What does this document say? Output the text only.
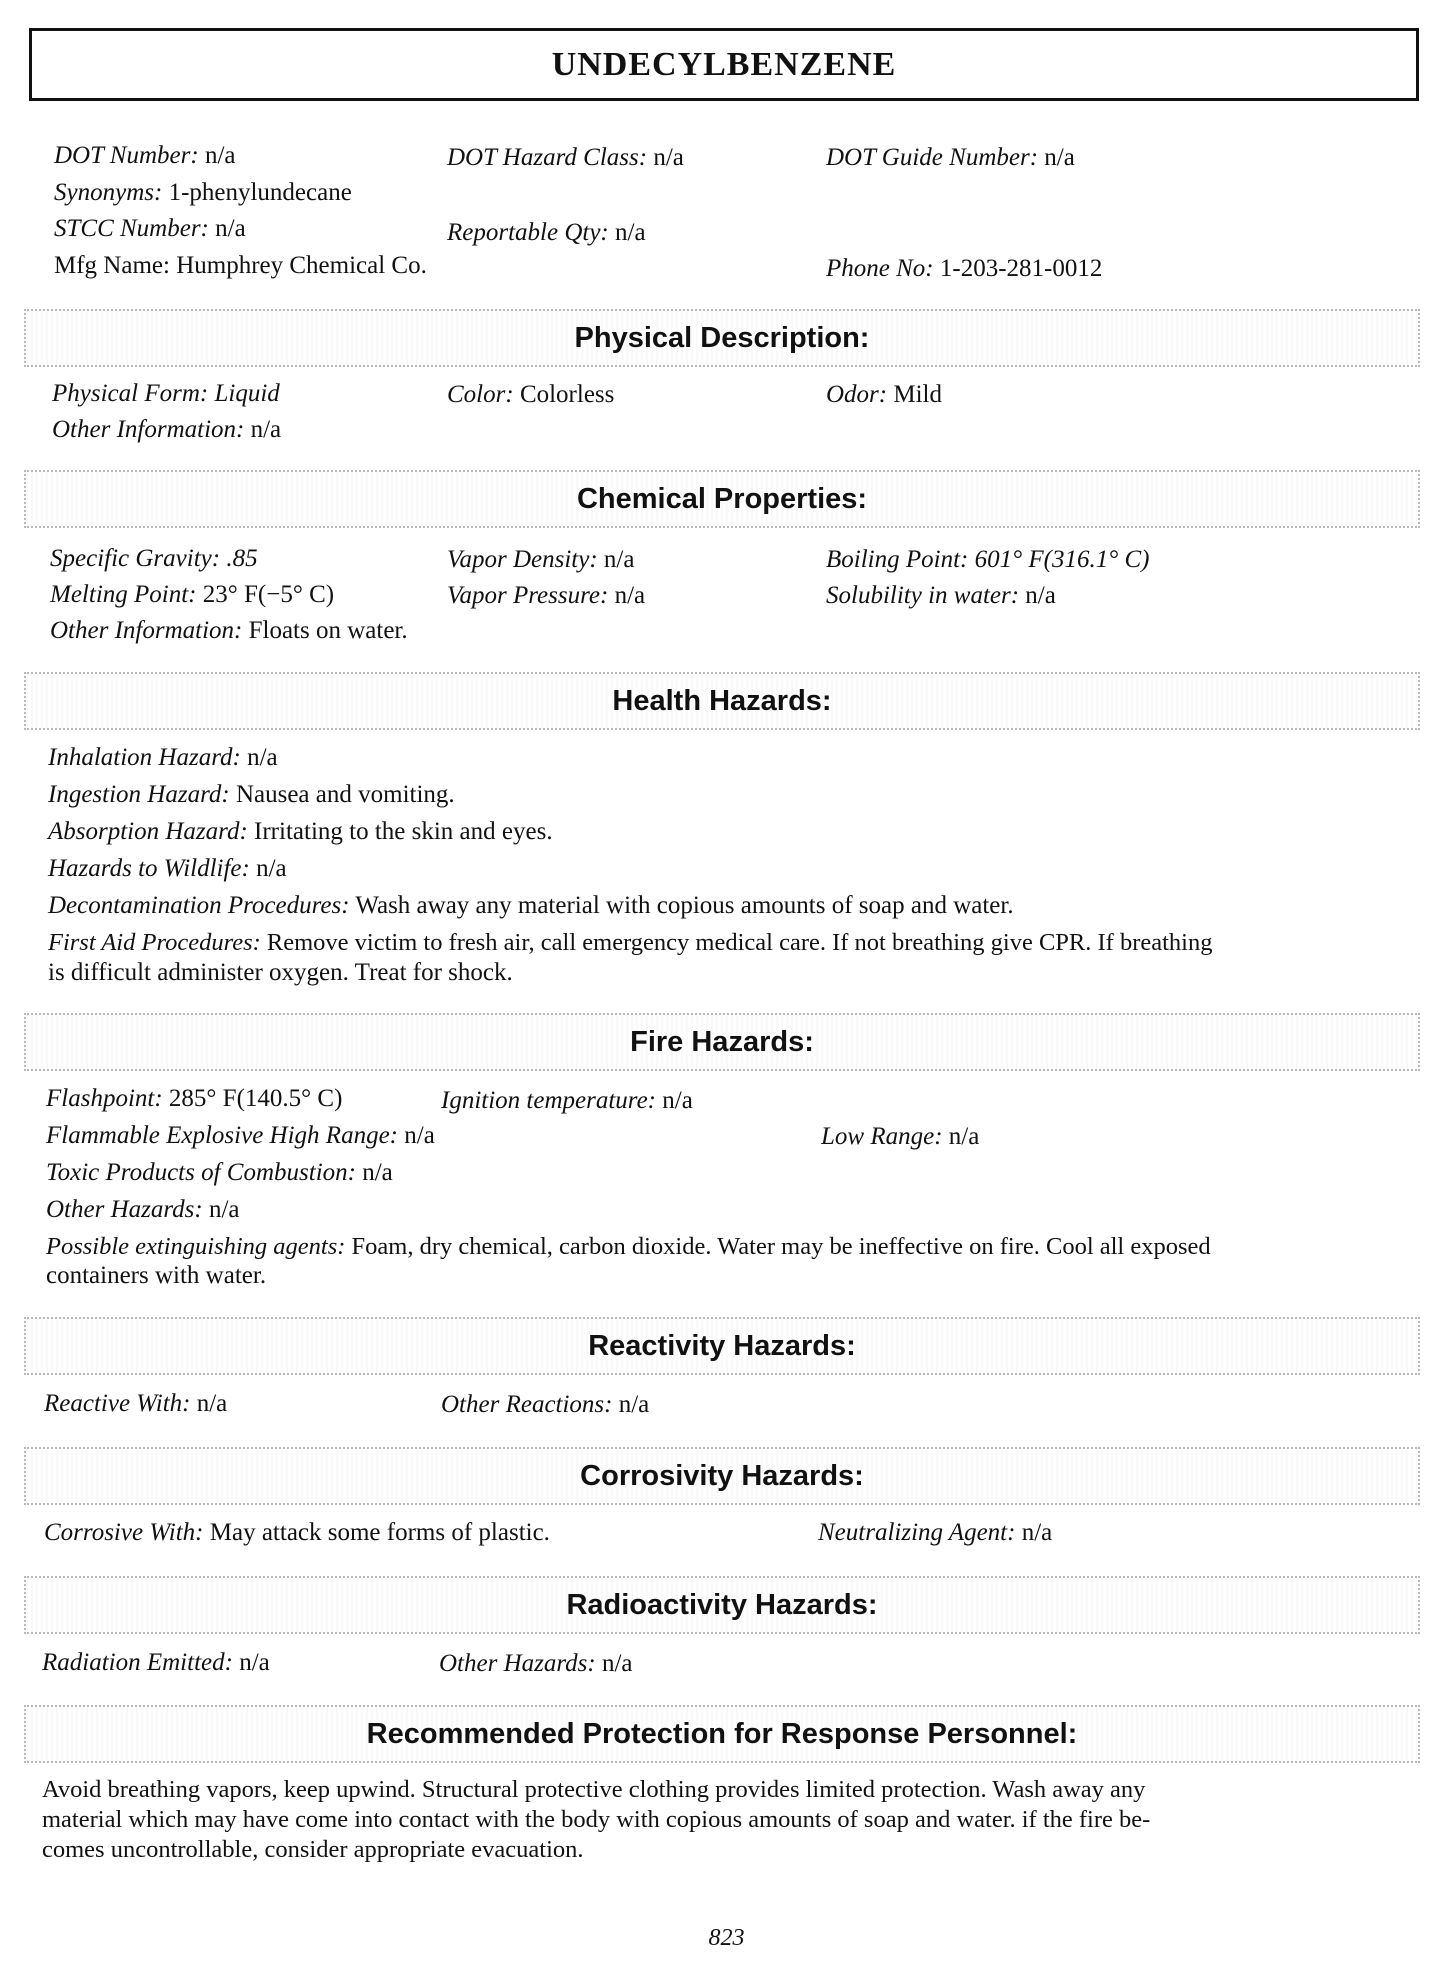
UNDECYLBENZENE
DOT Number: n/a	DOT Hazard Class: n/a	DOT Guide Number: n/a
Synonyms: 1-phenylundecane
STCC Number: n/a	Reportable Qty: n/a
Mfg Name: Humphrey Chemical Co.	Phone No: 1-203-281-0012
Physical Description:
Physical Form: Liquid	Color: Colorless	Odor: Mild
Other Information: n/a
Chemical Properties:
Specific Gravity: .85	Vapor Density: n/a	Boiling Point: 601° F(316.1° C)
Melting Point: 23° F(−5° C)	Vapor Pressure: n/a	Solubility in water: n/a
Other Information: Floats on water.
Health Hazards:
Inhalation Hazard: n/a
Ingestion Hazard: Nausea and vomiting.
Absorption Hazard: Irritating to the skin and eyes.
Hazards to Wildlife: n/a
Decontamination Procedures: Wash away any material with copious amounts of soap and water.
First Aid Procedures: Remove victim to fresh air, call emergency medical care. If not breathing give CPR. If breathing
is difficult administer oxygen. Treat for shock.
Fire Hazards:
Flashpoint: 285° F(140.5° C)	Ignition temperature: n/a
Flammable Explosive High Range: n/a	Low Range: n/a
Toxic Products of Combustion: n/a
Other Hazards: n/a
Possible extinguishing agents: Foam, dry chemical, carbon dioxide. Water may be ineffective on fire. Cool all exposed
containers with water.
Reactivity Hazards:
Reactive With: n/a	Other Reactions: n/a
Corrosivity Hazards:
Corrosive With: May attack some forms of plastic.	Neutralizing Agent: n/a
Radioactivity Hazards:
Radiation Emitted: n/a	Other Hazards: n/a
Recommended Protection for Response Personnel:
Avoid breathing vapors, keep upwind. Structural protective clothing provides limited protection. Wash away any
material which may have come into contact with the body with copious amounts of soap and water. if the fire be-
comes uncontrollable, consider appropriate evacuation.
823
